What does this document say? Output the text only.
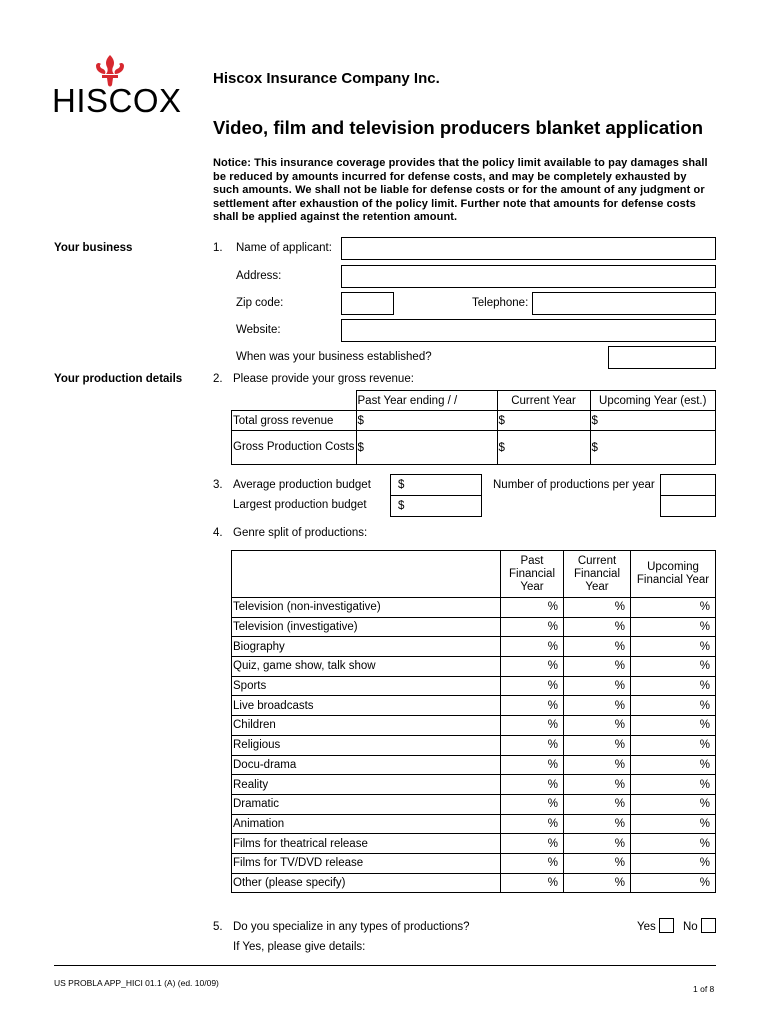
HISCOX
Hiscox Insurance Company Inc.
Video, film and television producers blanket application
Notice: This insurance coverage provides that the policy limit available to pay damages shall be reduced by amounts incurred for defense costs, and may be completely exhausted by such amounts. We shall not be liable for defense costs or for the amount of any judgment or settlement after exhaustion of the policy limit. Further note that amounts for defense costs shall be applied against the retention amount.
Your business	1. Name of applicant:
Address:
Zip code:	Telephone:
Website:
When was your business established?
Your production details	2. Please provide your gross revenue:
	Past Year ending / /	Current Year	Upcoming Year (est.)
Total gross revenue	$	$	$
Gross Production Costs	$	$	$
3. Average production budget $
Largest production budget	$
Number of productions per year
4. Genre split of productions:
	Past Financial Year	Current Financial Year	Upcoming Financial Year
Television (non-investigative)	%	%	%
Television (investigative)	%	%	%
Biography	%	%	%
Quiz, game show, talk show	%	%	%
Sports	%	%	%
Live broadcasts	%	%	%
Children	%	%	%
Religious	%	%	%
Docu-drama	%	%	%
Reality	%	%	%
Dramatic	%	%	%
Animation	%	%	%
Films for theatrical release	%	%	%
Films for TV/DVD release	%	%	%
Other (please specify)	%	%	%
5. Do you specialize in any types of productions?	Yes No
If Yes, please give details:
US PROBLA APP_HICI 01.1 (A) (ed. 10/09)
1 of 8
